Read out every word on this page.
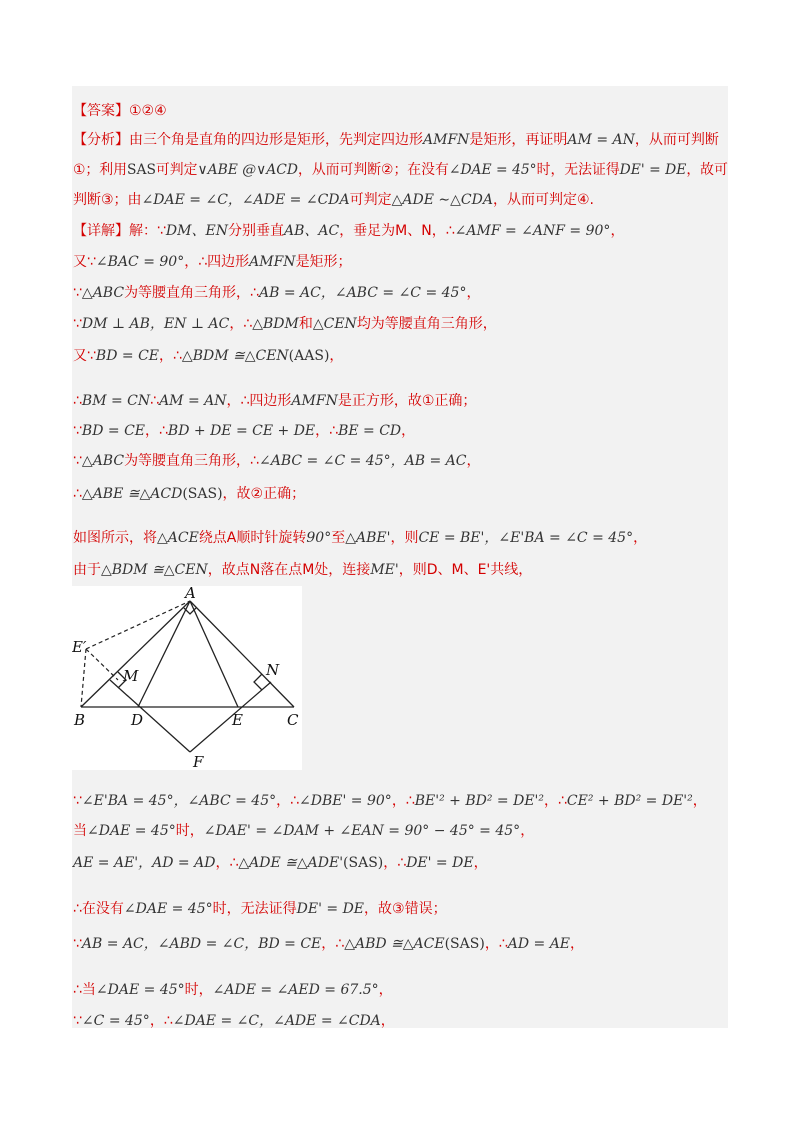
【答案】①②④
【分析】由三个角是直角的四边形是矩形，先判定四边形AMFN是矩形，再证明AM = AN，从而可判断
①；利用SAS可判定∨ABE @∨ACD，从而可判断②；在没有∠DAE = 45°时，无法证得DE' = DE，故可
判断③；由∠DAE = ∠C，∠ADE = ∠CDA可判定△ADE ∼△CDA，从而可判定④.
【详解】解：∵DM、EN分别垂直AB、AC，垂足为M、N，∴∠AMF = ∠ANF = 90°，
又∵∠BAC = 90°，∴四边形AMFN是矩形；
∵△ABC为等腰直角三角形，∴AB = AC，∠ABC = ∠C = 45°，
∵DM ⊥ AB，EN ⊥ AC，∴△BDM和△CEN均为等腰直角三角形，
又∵BD = CE，∴△BDM ≅△CEN(AAS)，
∴BM = CN∴AM = AN，∴四边形AMFN是正方形，故①正确；
∵BD = CE，∴BD + DE = CE + DE，∴BE = CD，
∵△ABC为等腰直角三角形，∴∠ABC = ∠C = 45°，AB = AC，
∴△ABE ≅△ACD(SAS)，故②正确；
如图所示，将△ACE绕点A顺时针旋转90°至△ABE'，则CE = BE'，∠E'BA = ∠C = 45°，
由于△BDM ≅△CEN，故点N落在点M处，连接ME'，则D、M、E'共线，
∵∠E'BA = 45°，∠ABC = 45°，∴∠DBE' = 90°，∴BE'² + BD² = DE'²，∴CE² + BD² = DE'²，
当∠DAE = 45°时，∠DAE' = ∠DAM + ∠EAN = 90° − 45° = 45°，
AE = AE'，AD = AD，∴△ADE ≅△ADE'(SAS)，∴DE' = DE，
∴在没有∠DAE = 45°时，无法证得DE' = DE，故③错误；
∵AB = AC，∠ABD = ∠C，BD = CE，∴△ABD ≅△ACE(SAS)，∴AD = AE，
∴当∠DAE = 45°时，∠ADE = ∠AED = 67.5°，
∵∠C = 45°，∴∠DAE = ∠C，∠ADE = ∠CDA，
A
B	C
D	E
F
M	N
E′
